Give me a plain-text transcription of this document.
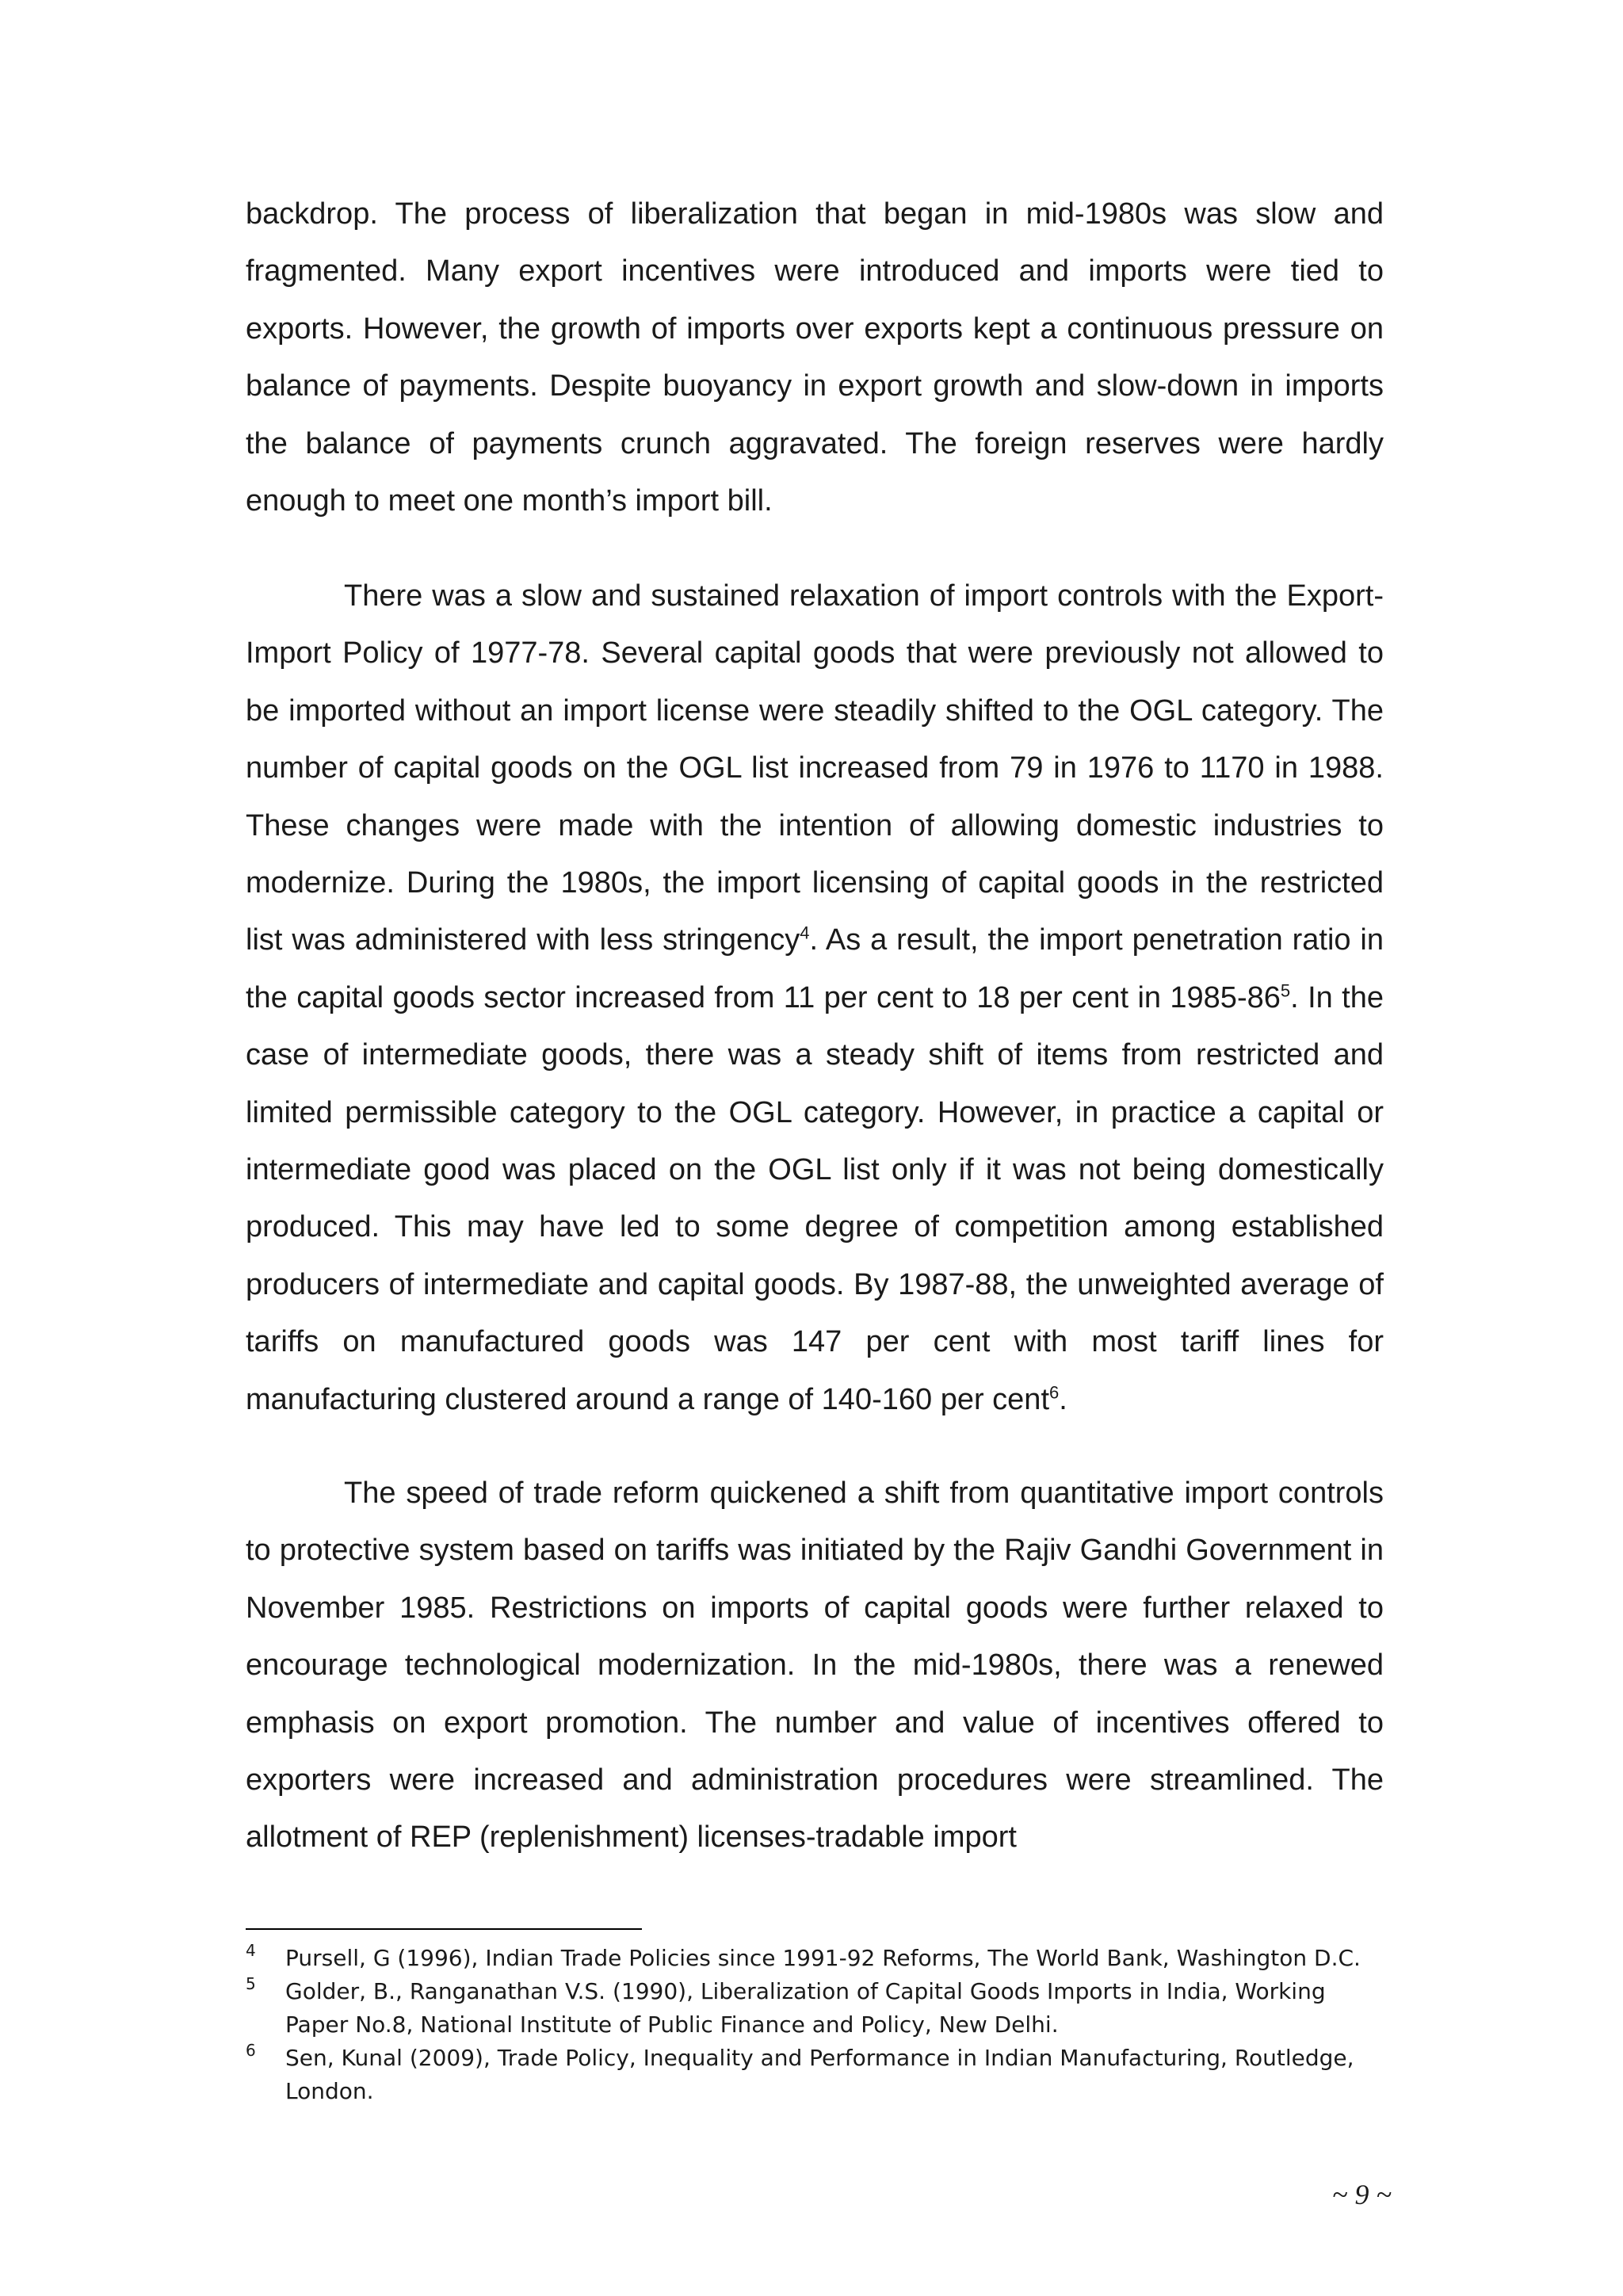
backdrop. The process of liberalization that began in mid-1980s was slow and fragmented. Many export incentives were introduced and imports were tied to exports. However, the growth of imports over exports kept a continuous pressure on balance of payments. Despite buoyancy in export growth and slow-down in imports the balance of payments crunch aggravated. The foreign reserves were hardly enough to meet one month’s import bill.

There was a slow and sustained relaxation of import controls with the Export-Import Policy of 1977-78. Several capital goods that were previously not allowed to be imported without an import license were steadily shifted to the OGL category. The number of capital goods on the OGL list increased from 79 in 1976 to 1170 in 1988. These changes were made with the intention of allowing domestic industries to modernize. During the 1980s, the import licensing of capital goods in the restricted list was administered with less stringency$^4$. As a result, the import penetration ratio in the capital goods sector increased from 11 per cent to 18 per cent in $1985-86^5$. In the case of intermediate goods, there was a steady shift of items from restricted and limited permissible category to the OGL category. However, in practice a capital or intermediate good was placed on the OGL list only if it was not being domestically produced. This may have led to some degree of competition among established producers of intermediate and capital goods. By 1987-88, the unweighted average of tariffs on manufactured goods was 147 per cent with most tariff lines for manufacturing clustered around a range of 140-160 per cent$^6$.

The speed of trade reform quickened a shift from quantitative import controls to protective system based on tariffs was initiated by the Rajiv Gandhi Government in November 1985. Restrictions on imports of capital goods were further relaxed to encourage technological modernization. In the mid-1980s, there was a renewed emphasis on export promotion. The number and value of incentives offered to exporters were increased and administration procedures were streamlined. The allotment of REP (replenishment) licenses-tradable import

4 Pursell, G (1996), Indian Trade Policies since 1991-92 Reforms, The World Bank, Washington D.C.

5 Golder, B., Ranganathan V.S. (1990), Liberalization of Capital Goods Imports in India, Working Paper No.8, National Institute of Public Finance and Policy, New Delhi.

6 Sen, Kunal (2009), Trade Policy, Inequality and Performance in Indian Manufacturing, Routledge, London.

~ 9 ~
